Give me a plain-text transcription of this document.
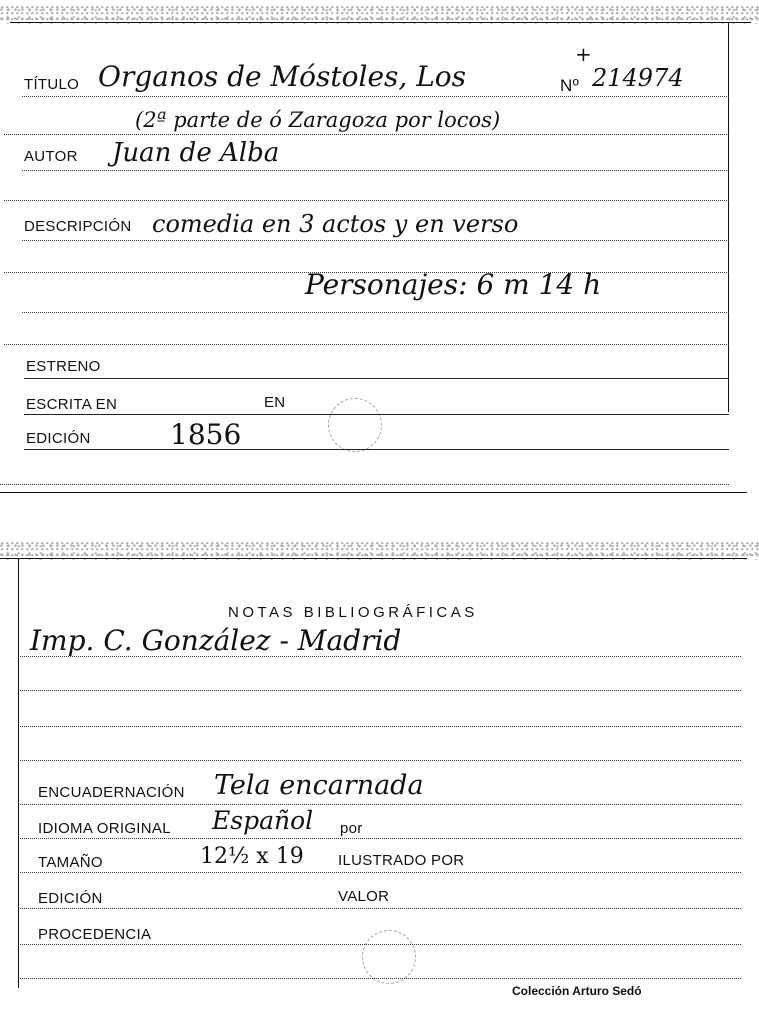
TÍTULO Organos de Móstoles, Los	Nº 214974
+
(2ª parte de ó Zaragoza por locos)
AUTOR Juan de Alba
DESCRIPCIÓN comedia en 3 actos y en verso
Personajes: 6 m 14 h
ESTRENO
ESCRITA EN	EN
EDICIÓN	1856
NOTAS BIBLIOGRÁFICAS
Imp. C. González - Madrid
ENCUADERNACIÓN Tela encarnada
IDIOMA ORIGINAL Español por
TAMAÑO	12½ x 19 ILUSTRADO POR
EDICIÓN	VALOR
PROCEDENCIA
Colección Arturo Sedó
